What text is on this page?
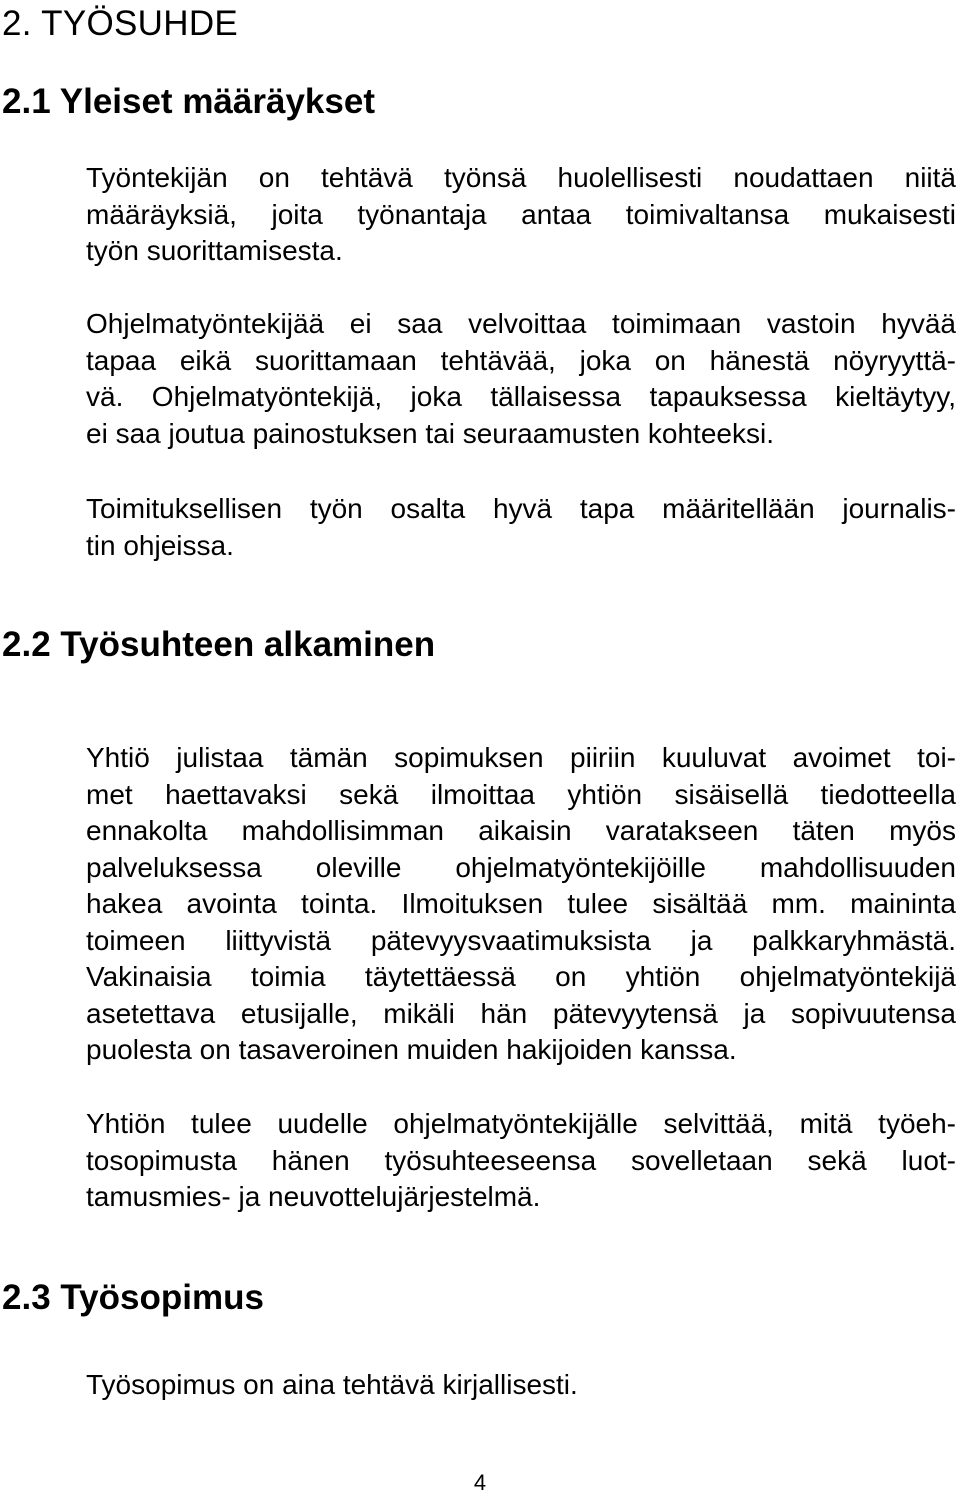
2. TYÖSUHDE
2.1 Yleiset määräykset
Työntekijän on tehtävä työnsä huolellisesti noudattaen niitä
määräyksiä, joita työnantaja antaa toimivaltansa mukaisesti
työn suorittamisesta.
Ohjelmatyöntekijää ei saa velvoittaa toimimaan vastoin hyvää
tapaa eikä suorittamaan tehtävää, joka on hänestä nöyryyttä-
vä. Ohjelmatyöntekijä, joka tällaisessa tapauksessa kieltäytyy,
ei saa joutua painostuksen tai seuraamusten kohteeksi.
Toimituksellisen työn osalta hyvä tapa määritellään journalis-
tin ohjeissa.
2.2 Työsuhteen alkaminen
Yhtiö julistaa tämän sopimuksen piiriin kuuluvat avoimet toi-
met haettavaksi sekä ilmoittaa yhtiön sisäisellä tiedotteella
ennakolta mahdollisimman aikaisin varatakseen täten myös
palveluksessa oleville ohjelmatyöntekijöille mahdollisuuden
hakea avointa tointa. Ilmoituksen tulee sisältää mm. maininta
toimeen liittyvistä pätevyysvaatimuksista ja palkkaryhmästä.
Vakinaisia toimia täytettäessä on yhtiön ohjelmatyöntekijä
asetettava etusijalle, mikäli hän pätevyytensä ja sopivuutensa
puolesta on tasaveroinen muiden hakijoiden kanssa.
Yhtiön tulee uudelle ohjelmatyöntekijälle selvittää, mitä työeh-
tosopimusta hänen työsuhteeseensa sovelletaan sekä luot-
tamusmies- ja neuvottelujärjestelmä.
2.3 Työsopimus
Työsopimus on aina tehtävä kirjallisesti.
4
